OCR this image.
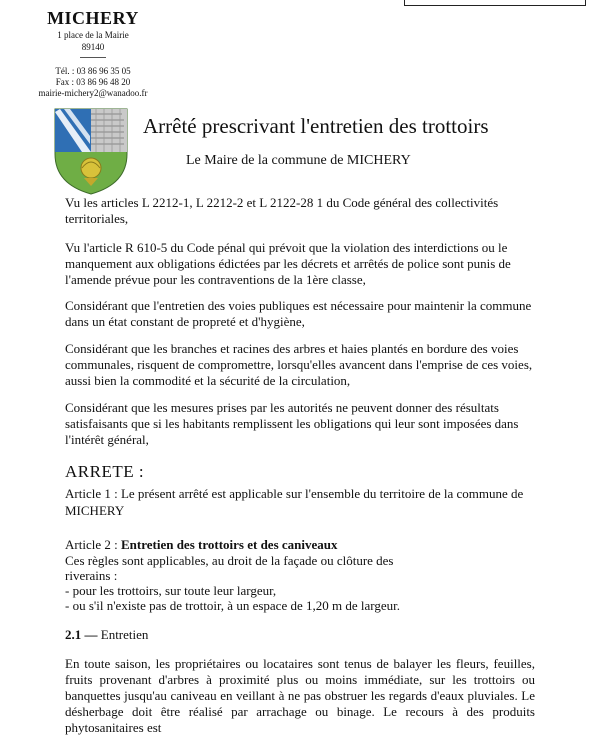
MICHERY
1 place de la Mairie
89140
Tél. : 03 86 96 35 05
Fax : 03 86 96 48 20
mairie-michery2@wanadoo.fr
Arrêté prescrivant l'entretien des trottoirs
Le Maire de la commune de MICHERY

Vu les articles L 2212-1, L 2212-2 et L 2122-28 1 du Code général des collectivités territoriales,

Vu l'article R 610-5 du Code pénal qui prévoit que la violation des interdictions ou le manquement aux obligations édictées par les décrets et arrêtés de police sont punis de l'amende prévue pour les contraventions de la 1ère classe,

Considérant que l'entretien des voies publiques est nécessaire pour maintenir la commune dans un état constant de propreté et d'hygiène,

Considérant que les branches et racines des arbres et haies plantés en bordure des voies communales, risquent de compromettre, lorsqu'elles avancent dans l'emprise de ces voies, aussi bien la commodité et la sécurité de la circulation,

Considérant que les mesures prises par les autorités ne peuvent donner des résultats satisfaisants que si les habitants remplissent les obligations qui leur sont imposées dans l'intérêt général,

ARRETE :
Article 1 : Le présent arrêté est applicable sur l'ensemble du territoire de la commune de MICHERY
Article 2 : Entretien des trottoirs et des caniveaux
Ces règles sont applicables, au droit de la façade ou clôture des riverains :
- pour les trottoirs, sur toute leur largeur,
- ou s'il n'existe pas de trottoir, à un espace de 1,20 m de largeur.
2.1 — Entretien

En toute saison, les propriétaires ou locataires sont tenus de balayer les fleurs, feuilles, fruits provenant d'arbres à proximité plus ou moins immédiate, sur les trottoirs ou banquettes jusqu'au caniveau en veillant à ne pas obstruer les regards d'eaux pluviales. Le désherbage doit être réalisé par arrachage ou binage. Le recours à des produits phytosanitaires est
